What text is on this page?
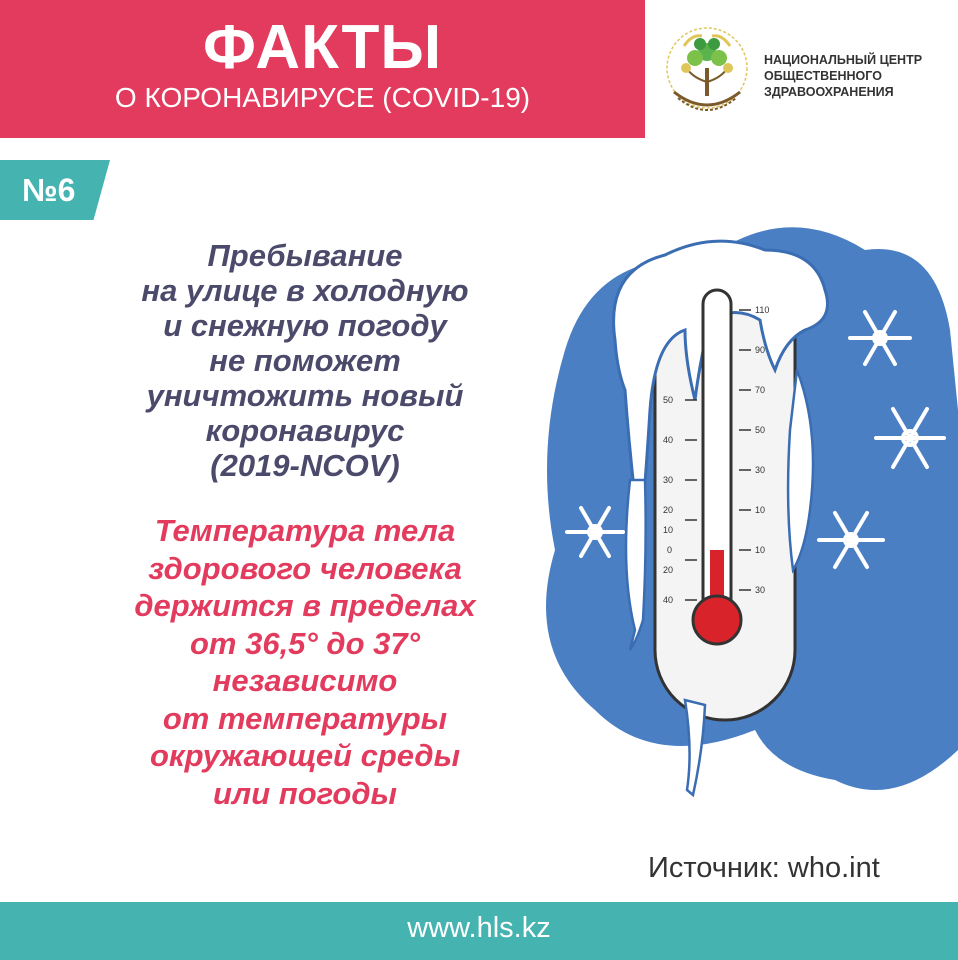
ФАКТЫ
О КОРОНАВИРУСЕ (COVID-19)
НАЦИОНАЛЬНЫЙ ЦЕНТР
ОБЩЕСТВЕННОГО
ЗДРАВООХРАНЕНИЯ
№6
Пребывание
на улице в холодную
и снежную погоду
не поможет
уничтожить новый
коронавирус
(2019-NCOV)
Температура тела
здорового человека
держится в пределах
от 36,5° до 37°
независимо
от температуры
окружающей среды
или погоды
50
40
30
20
10
0
20
40
110
90
70
50
30
10
10
30
Источник: who.int
www.hls.kz
